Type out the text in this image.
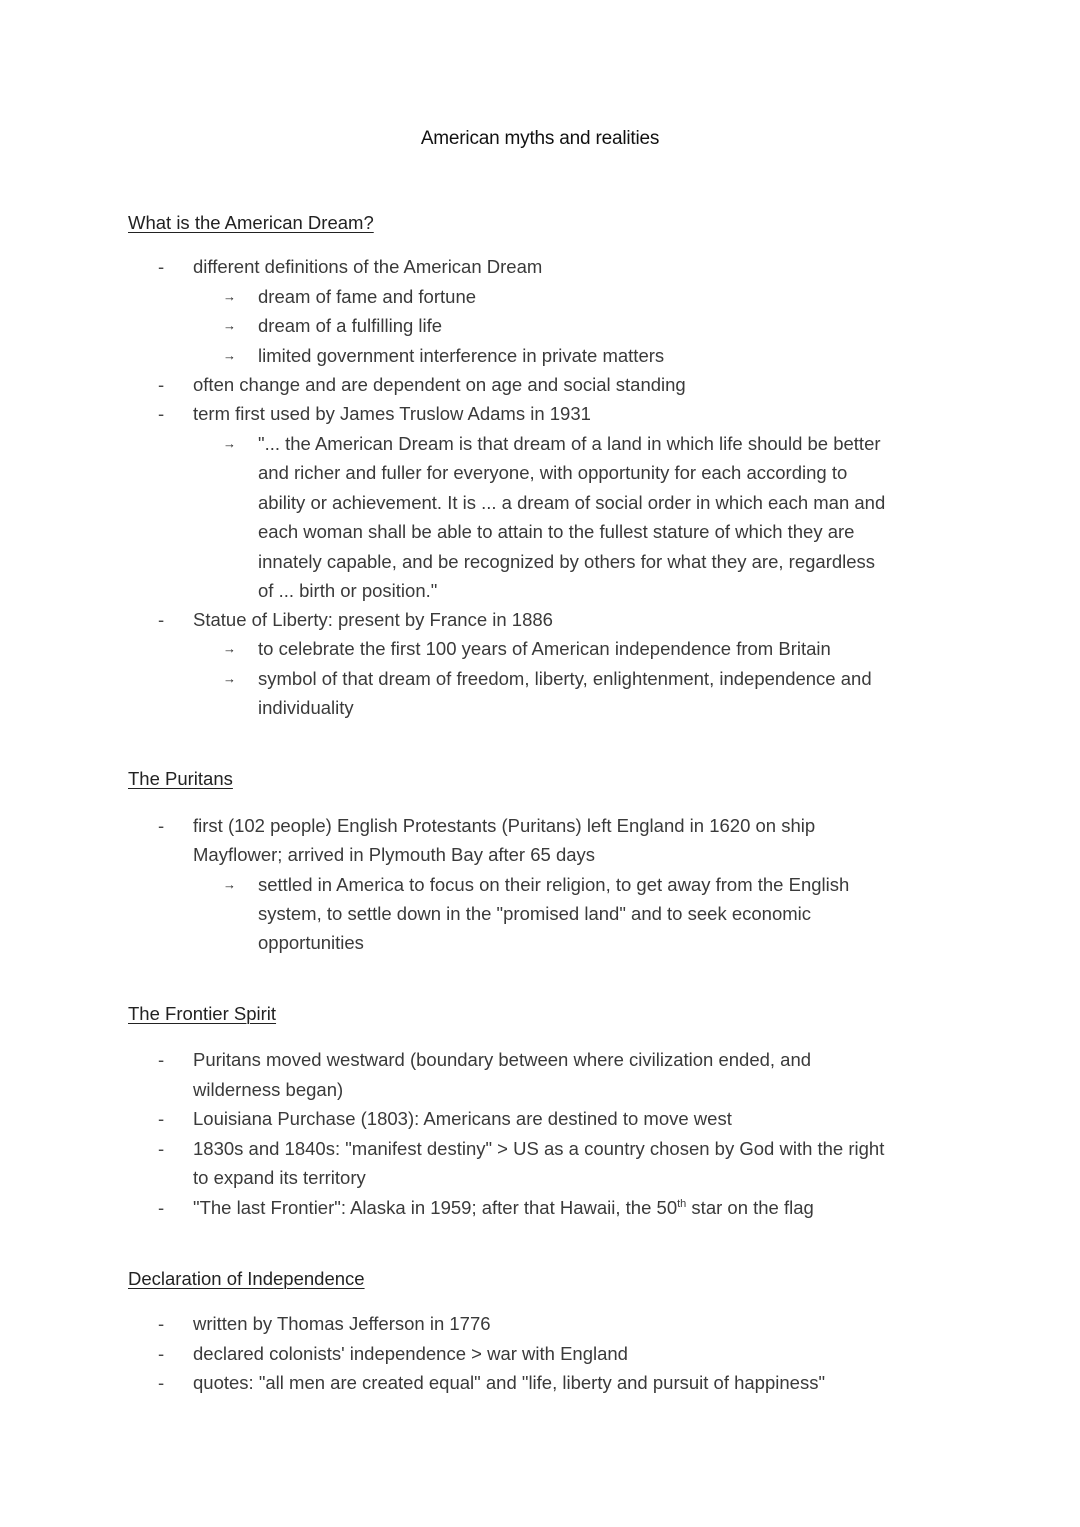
American myths and realities
What is the American Dream?
- different definitions of the American Dream
→ dream of fame and fortune
→ dream of a fulfilling life
→ limited government interference in private matters
- often change and are dependent on age and social standing
- term first used by James Truslow Adams in 1931
→ "... the American Dream is that dream of a land in which life should be better
and richer and fuller for everyone, with opportunity for each according to
ability or achievement. It is ... a dream of social order in which each man and
each woman shall be able to attain to the fullest stature of which they are
innately capable, and be recognized by others for what they are, regardless
of ... birth or position."
- Statue of Liberty: present by France in 1886
→ to celebrate the first 100 years of American independence from Britain
→ symbol of that dream of freedom, liberty, enlightenment, independence and
individuality
The Puritans
- first (102 people) English Protestants (Puritans) left England in 1620 on ship
Mayflower; arrived in Plymouth Bay after 65 days
→ settled in America to focus on their religion, to get away from the English
system, to settle down in the "promised land" and to seek economic
opportunities
The Frontier Spirit
- Puritans moved westward (boundary between where civilization ended, and
wilderness began)
- Louisiana Purchase (1803): Americans are destined to move west
- 1830s and 1840s: "manifest destiny" > US as a country chosen by God with the right
to expand its territory
- "The last Frontier": Alaska in 1959; after that Hawaii, the 50th star on the flag
Declaration of Independence
- written by Thomas Jefferson in 1776
- declared colonists' independence > war with England
- quotes: "all men are created equal" and "life, liberty and pursuit of happiness"
